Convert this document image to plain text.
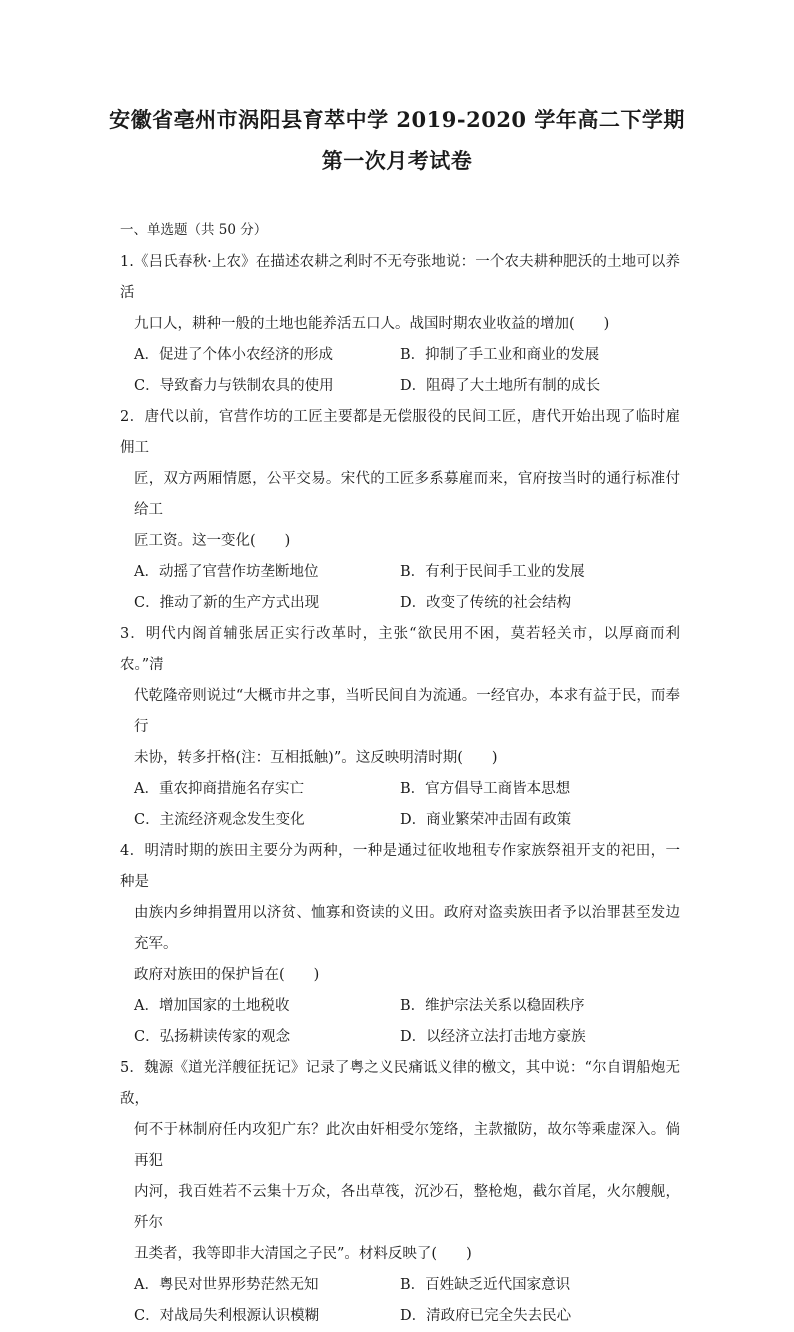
安徽省亳州市涡阳县育萃中学 2019-2020 学年高二下学期
第一次月考试卷
一、单选题（共 50 分）
1.《吕氏春秋·上农》在描述农耕之利时不无夸张地说：一个农夫耕种肥沃的土地可以养活
九口人，耕种一般的土地也能养活五口人。战国时期农业收益的增加(　　)
A．促进了个体小农经济的形成	B．抑制了手工业和商业的发展
C．导致畜力与铁制农具的使用	D．阻碍了大土地所有制的成长
2．唐代以前，官营作坊的工匠主要都是无偿服役的民间工匠，唐代开始出现了临时雇佣工
匠，双方两厢情愿，公平交易。宋代的工匠多系募雇而来，官府按当时的通行标准付给工
匠工资。这一变化(　　)
A．动摇了官营作坊垄断地位	B．有利于民间手工业的发展
C．推动了新的生产方式出现	D．改变了传统的社会结构
3．明代内阁首辅张居正实行改革时，主张“欲民用不困，莫若轻关市，以厚商而利农。”清
代乾隆帝则说过“大概市井之事，当听民间自为流通。一经官办，本求有益于民，而奉行
未协，转多扞格(注：互相抵触)”。这反映明清时期(　　)
A．重农抑商措施名存实亡	B．官方倡导工商皆本思想
C．主流经济观念发生变化	D．商业繁荣冲击固有政策
4．明清时期的族田主要分为两种，一种是通过征收地租专作家族祭祖开支的祀田，一种是
由族内乡绅捐置用以济贫、恤寡和资读的义田。政府对盗卖族田者予以治罪甚至发边充军。
政府对族田的保护旨在(　　)
A．增加国家的土地税收	B．维护宗法关系以稳固秩序
C．弘扬耕读传家的观念	D．以经济立法打击地方豪族
5．魏源《道光洋艘征抚记》记录了粤之义民痛诋义律的檄文，其中说：“尔自谓船炮无敌，
何不于林制府任内攻犯广东？此次由奸相受尔笼络，主款撤防，故尔等乘虚深入。倘再犯
内河，我百姓若不云集十万众，各出草筏，沉沙石，整枪炮，截尔首尾，火尔艘舰，歼尔
丑类者，我等即非大清国之子民”。材料反映了(　　)
A．粤民对世界形势茫然无知	B．百姓缺乏近代国家意识
C．对战局失利根源认识模糊	D．清政府已完全失去民心
